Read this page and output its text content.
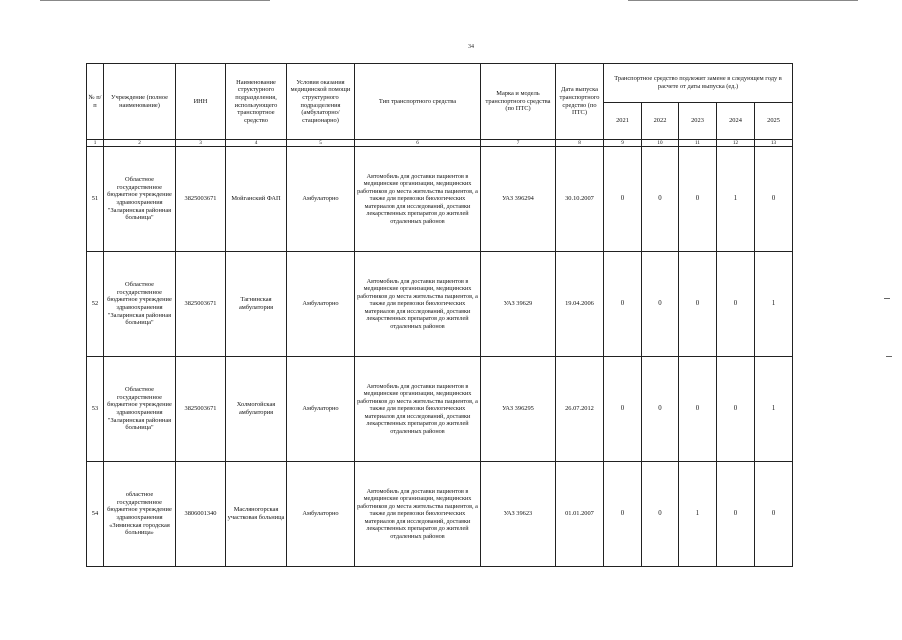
34
№ п/п	Учреждение (полное наименование)	ИНН	Наименование структурного подразделения, использующего транспортное средство	Условия оказания медицинской помощи структурного подразделения (амбулаторно/стационарно)	Тип транспортного средства	Марка и модель транспортного средства (по ПТС)	Дата выпуска транспортного средство (по ПТС)	Транспортное средство подлежит замене в следующем году в расчете от даты выпуска (ед.)				
								2021	2022	2023	2024	2025
1	2	3	4	5	6	7	8	9	10	11	12	13
51	Областное государственное бюджетное учреждение здравоохранения "Заларинская районная больница"	3825003671	Мойганский ФАП	Амбулаторно	Автомобиль для доставки пациентов в медицинские организации, медицинских работников до места жительства пациентов, а также для перевозки биологических материалов для исследований, доставки лекарственных препаратов до жителей отдаленных районов	УАЗ 396294	30.10.2007	0	0	0	1	0
52	Областное государственное бюджетное учреждение здравоохранения "Заларинская районная больница"	3825003671	Тагнинская амбулатория	Амбулаторно	Автомобиль для доставки пациентов в медицинские организации, медицинских работников до места жительства пациентов, а также для перевозки биологических материалов для исследований, доставки лекарственных препаратов до жителей отдаленных районов	УАЗ 39629	19.04.2006	0	0	0	0	1
53	Областное государственное бюджетное учреждение здравоохранения "Заларинская районная больница"	3825003671	Холмогойская амбулатория	Амбулаторно	Автомобиль для доставки пациентов в медицинские организации, медицинских работников до места жительства пациентов, а также для перевозки биологических материалов для исследований, доставки лекарственных препаратов до жителей отдаленных районов	УАЗ 396295	26.07.2012	0	0	0	0	1
54	областное государственное бюджетное учреждение здравоохранения «Зиминская городская больница»	3806001340	Масляногорская участковая больница	Амбулаторно	Автомобиль для доставки пациентов в медицинские организации, медицинских работников до места жительства пациентов, а также для перевозки биологических материалов для исследований, доставки лекарственных препаратов до жителей отдаленных районов	УАЗ 39623	01.01.2007	0	0	1	0	0
